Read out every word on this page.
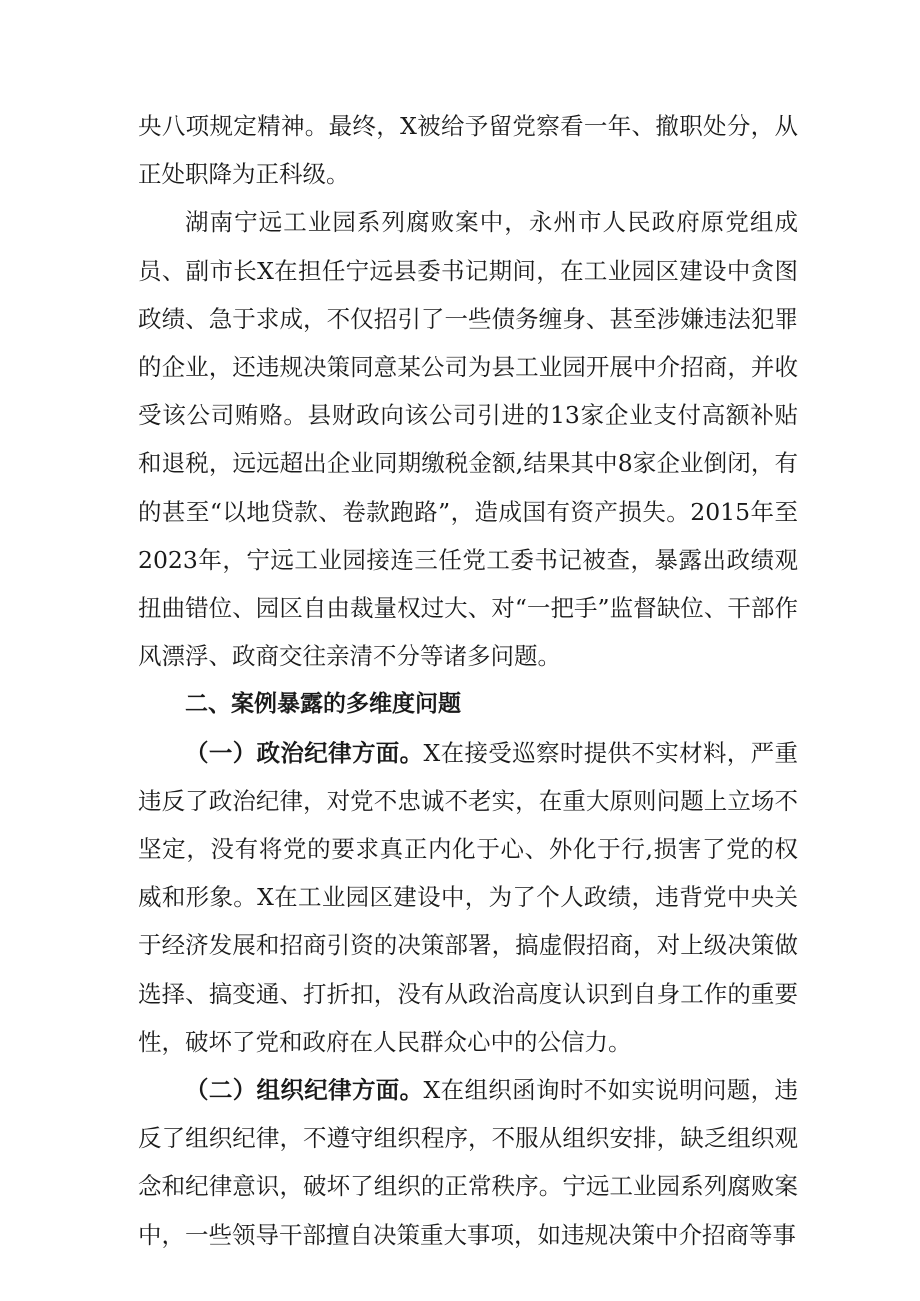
央八项规定精神。最终，X被给予留党察看一年、撤职处分，从正处职降为正科级。

湖南宁远工业园系列腐败案中，永州市人民政府原党组成员、副市长X在担任宁远县委书记期间，在工业园区建设中贪图政绩、急于求成，不仅招引了一些债务缠身、甚至涉嫌违法犯罪的企业，还违规决策同意某公司为县工业园开展中介招商，并收受该公司贿赂。县财政向该公司引进的13家企业支付高额补贴和退税，远远超出企业同期缴税金额,结果其中8家企业倒闭，有的甚至“以地贷款、卷款跑路”，造成国有资产损失。2015年至2023年，宁远工业园接连三任党工委书记被查，暴露出政绩观扭曲错位、园区自由裁量权过大、对“一把手”监督缺位、干部作风漂浮、政商交往亲清不分等诸多问题。

二、案例暴露的多维度问题

（一）政治纪律方面。X在接受巡察时提供不实材料，严重违反了政治纪律，对党不忠诚不老实，在重大原则问题上立场不坚定，没有将党的要求真正内化于心、外化于行,损害了党的权威和形象。X在工业园区建设中，为了个人政绩，违背党中央关于经济发展和招商引资的决策部署，搞虚假招商，对上级决策做选择、搞变通、打折扣，没有从政治高度认识到自身工作的重要性，破坏了党和政府在人民群众心中的公信力。

（二）组织纪律方面。X在组织函询时不如实说明问题，违反了组织纪律，不遵守组织程序，不服从组织安排，缺乏组织观念和纪律意识，破坏了组织的正常秩序。宁远工业园系列腐败案中，一些领导干部擅自决策重大事项，如违规决策中介招商等事
